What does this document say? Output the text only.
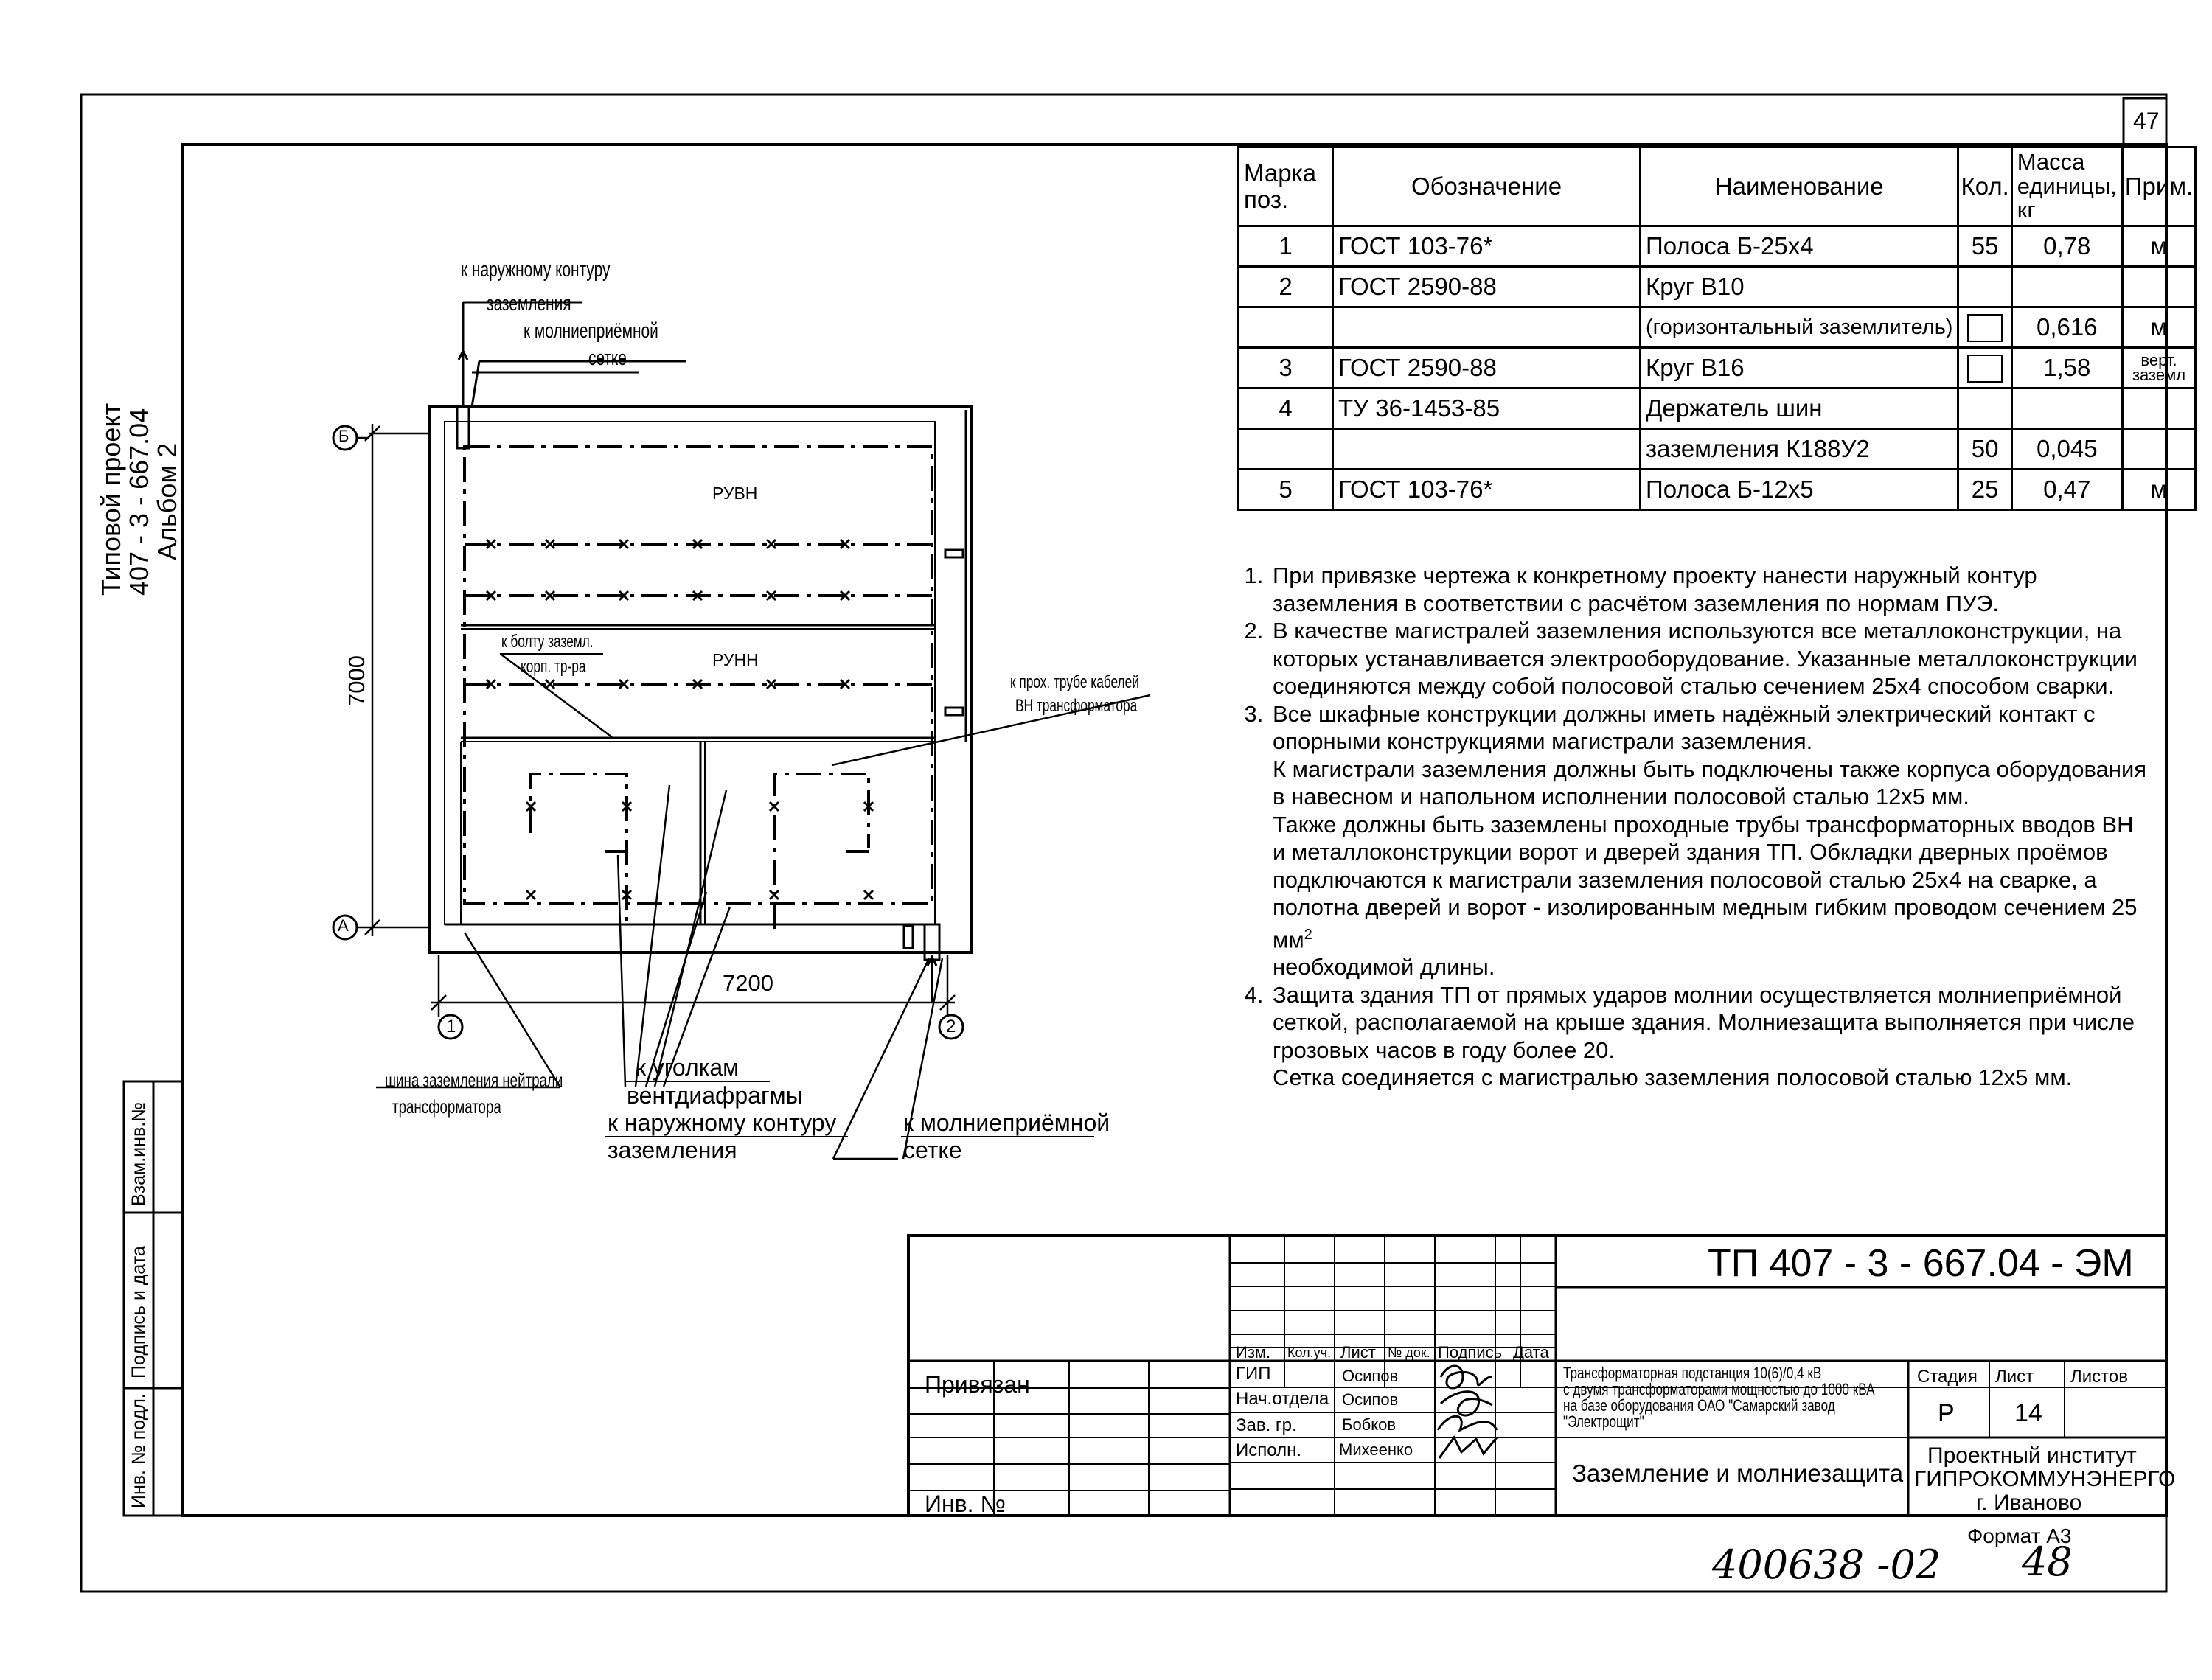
47
Типовой проект
407 - 3 - 667.04
Альбом 2
Взам.инв.№
Подпись и дата
Инв. № подл.
Марка поз.	Обозначение	Наименование	Кол.	Масса единицы, кг	Прим.
1	ГОСТ 103-76*	Полоса Б-25х4	55	0,78	м
2	ГОСТ 2590-88	Круг В10			
		(горизонтальный заземлитель)		0,616	м
3	ГОСТ 2590-88	Круг В16		1,58	верт. заземл
4	ТУ 36-1453-85	Держатель шин			
		заземления К188У2	50	0,045	
5	ГОСТ 103-76*	Полоса Б-12х5	25	0,47	м
1. При привязке чертежа к конкретному проекту нанести наружный контур заземления в соответствии с расчётом заземления по нормам ПУЭ.
2. В качестве магистралей заземления используются все металлоконструкции, на которых устанавливается электрооборудование. Указанные металлоконструкции соединяются между собой полосовой сталью сечением 25х4 способом сварки.
3. Все шкафные конструкции должны иметь надёжный электрический контакт с опорными конструкциями магистрали заземления.

К магистрали заземления должны быть подключены также корпуса оборудования в навесном и напольном исполнении полосовой сталью 12х5 мм.

Также должны быть заземлены проходные трубы трансформаторных вводов ВН и металлоконструкции ворот и дверей здания ТП. Обкладки дверных проёмов подключаются к магистрали заземления полосовой сталью 25х4 на сварке, а полотна дверей и ворот - изолированным медным гибким проводом сечением 25 $мм^2$

необходимой длины.

4. Защита здания ТП от прямых ударов молнии осуществляется молниеприёмной сеткой, располагаемой на крыше здания. Молниезащита выполняется при числе грозовых часов в году более 20.

Сетка соединяется с магистралью заземления полосовой сталью 12х5 мм.

к наружному контуру
заземления
к молниеприёмной
сетке
РУВН
РУНН
к болту заземл.
корп. тр-ра
к прох. трубе кабелей
ВН трансформатора
Б
А
1	2
7000
7200
шина заземления нейтрали
трансформатора
к уголкам
вентдиафрагмы
к наружному контуру
заземления
к молниеприёмной
сетке
ТП 407 - 3 - 667.04 - ЭМ
Изм. Кол.уч. Лист № док. Подпись Дата
Привязан
Инв. №
ГИП	Осипов
Нач.отдела Осипов
Зав. гр.	Бобков
Исполн. Михеенко
Трансформаторная подстанция 10(6)/0,4 кВ
с двумя трансформаторами мощностью до 1000 кВА
на базе оборудования ОАО "Самарский завод
"Электрощит"
Стадия Лист Листов
Р 14
Заземление и молниезащита
Проектный институт
ГИПРОКОММУНЭНЕРГО
г. Иваново
Формат А3
400638 -02 48
